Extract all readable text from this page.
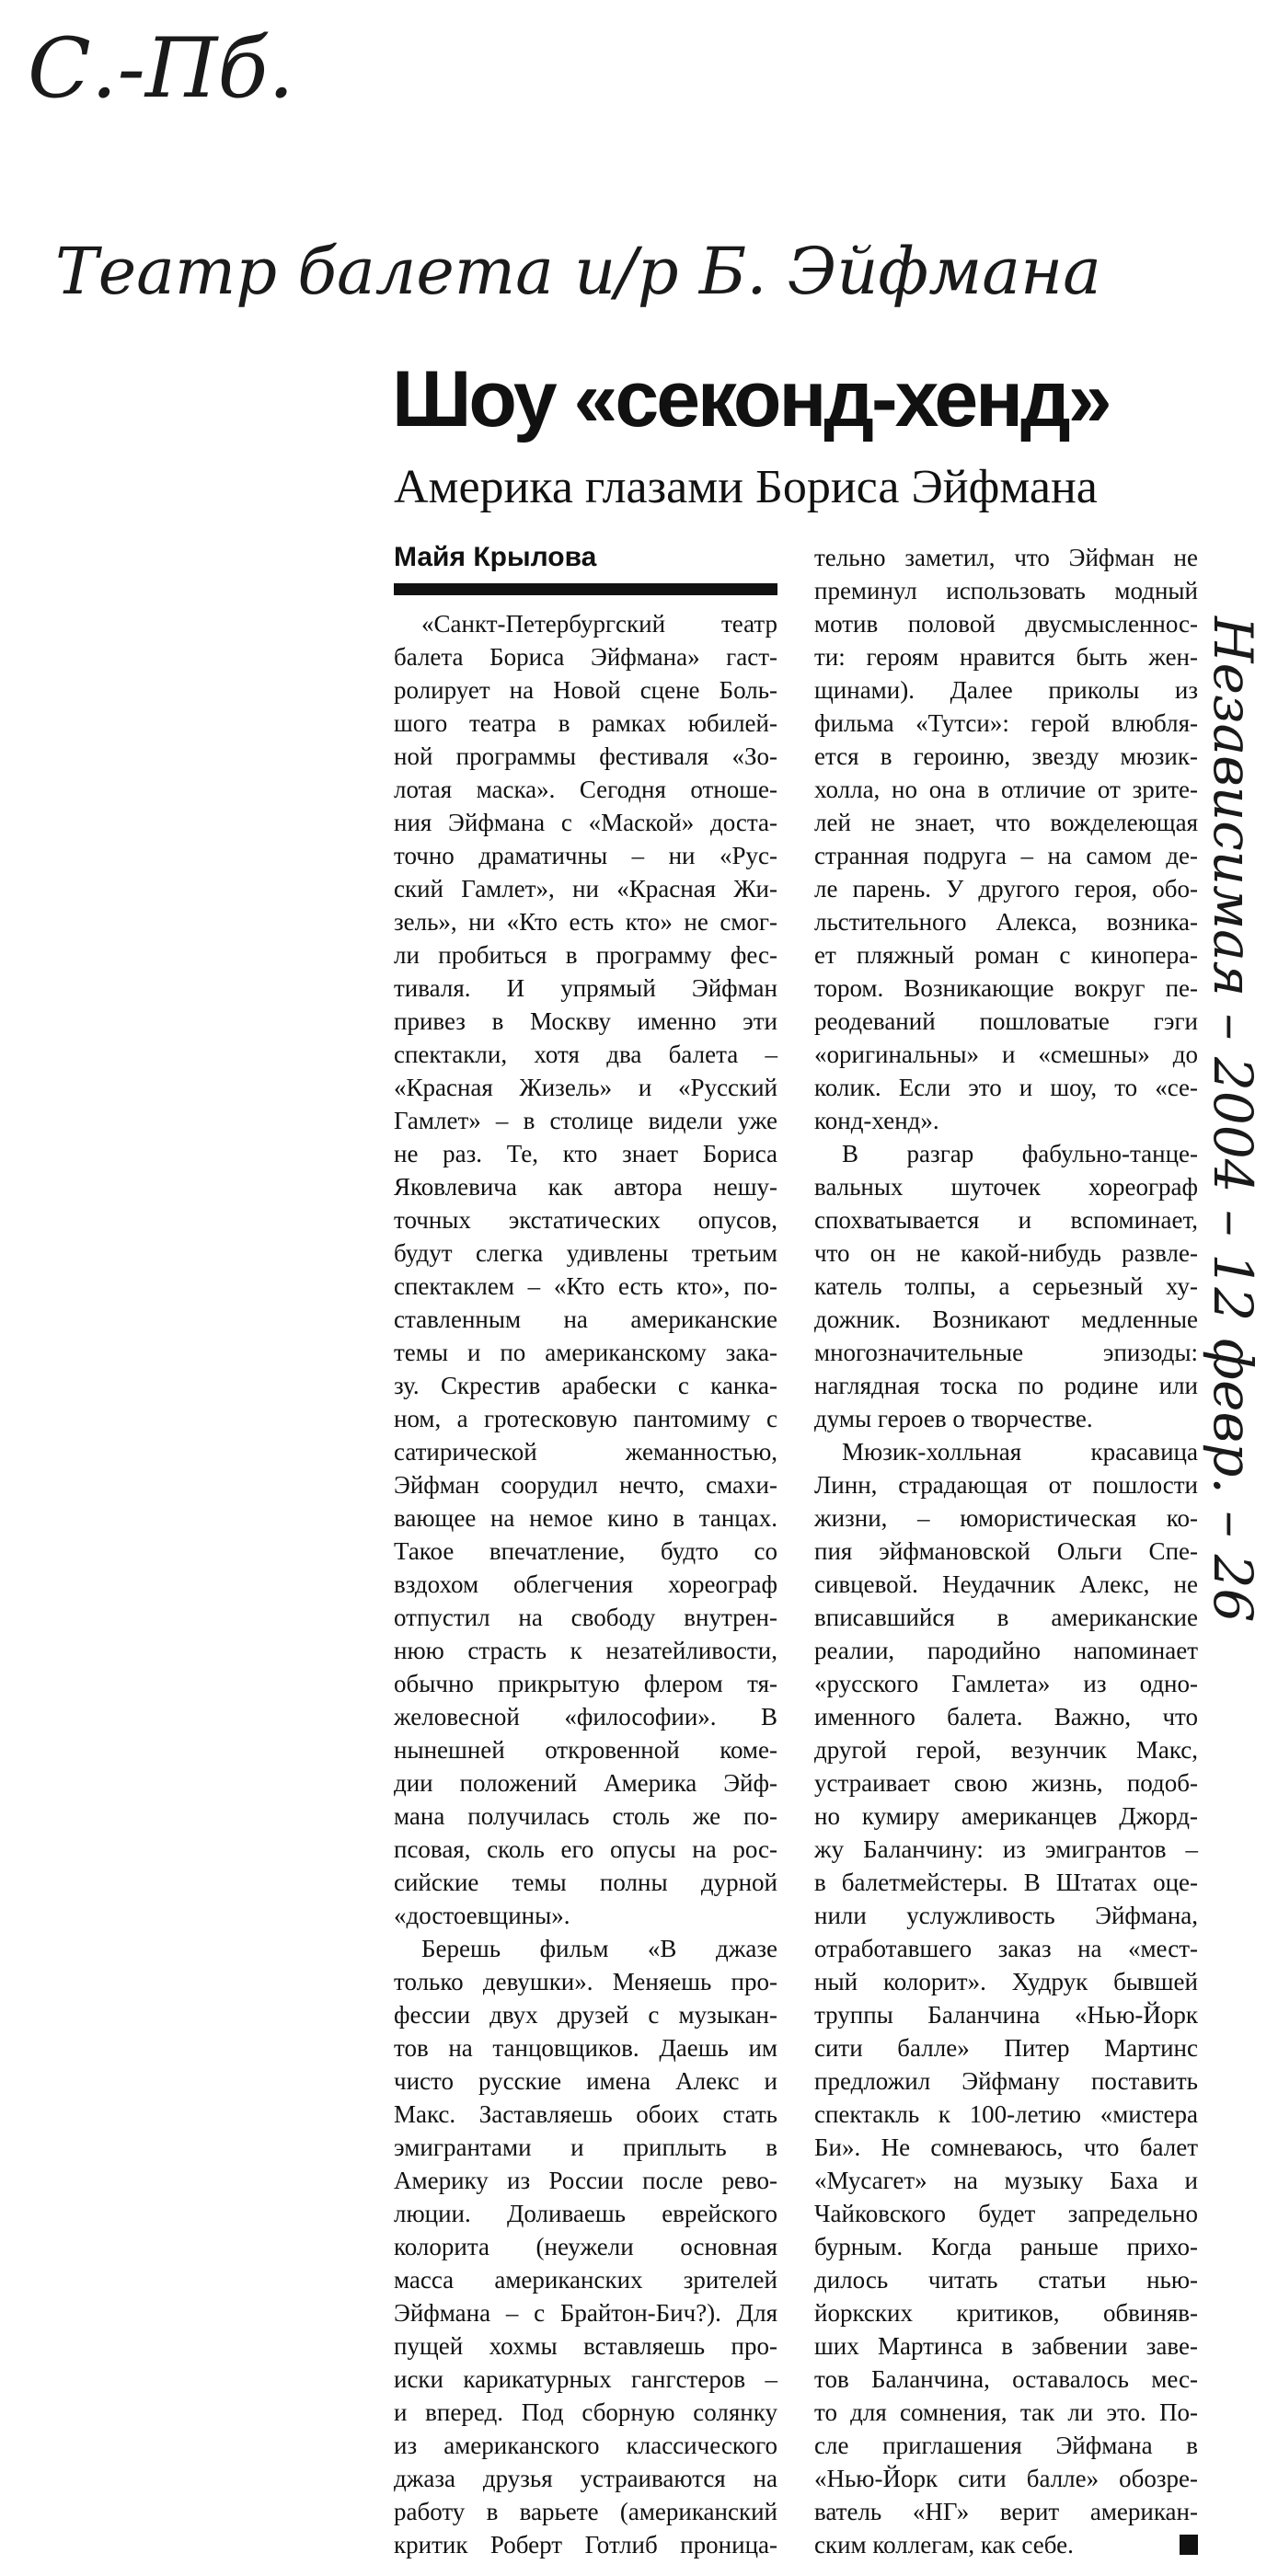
С.-Пб.
Театр балета и/р Б. Эйфмана
Независимая – 2004 – 12 февр. – 26
Шоу «секонд-хенд»
Америка глазами Бориса Эйфмана
Майя Крылова
«Санкт-Петербургский театр
балета Бориса Эйфмана» гаст-
ролирует на Новой сцене Боль-
шого театра в рамках юбилей-
ной программы фестиваля «Зо-
лотая маска». Сегодня отноше-
ния Эйфмана с «Маской» доста-
точно драматичны – ни «Рус-
ский Гамлет», ни «Красная Жи-
зель», ни «Кто есть кто» не смог-
ли пробиться в программу фес-
тиваля. И упрямый Эйфман
привез в Москву именно эти
спектакли, хотя два балета –
«Красная Жизель» и «Русский
Гамлет» – в столице видели уже
не раз. Те, кто знает Бориса
Яковлевича как автора нешу-
точных экстатических опусов,
будут слегка удивлены третьим
спектаклем – «Кто есть кто», по-
ставленным на американские
темы и по американскому зака-
зу. Скрестив арабески с канка-
ном, а гротесковую пантомиму с
сатирической жеманностью,
Эйфман соорудил нечто, смахи-
вающее на немое кино в танцах.
Такое впечатление, будто со
вздохом облегчения хореограф
отпустил на свободу внутрен-
нюю страсть к незатейливости,
обычно прикрытую флером тя-
желовесной «философии». В
нынешней откровенной коме-
дии положений Америка Эйф-
мана получилась столь же по-
псовая, сколь его опусы на рос-
сийские темы полны дурной
«достоевщины».
Берешь фильм «В джазе
только девушки». Меняешь про-
фессии двух друзей с музыкан-
тов на танцовщиков. Даешь им
чисто русские имена Алекс и
Макс. Заставляешь обоих стать
эмигрантами и приплыть в
Америку из России после рево-
люции. Доливаешь еврейского
колорита (неужели основная
масса американских зрителей
Эйфмана – с Брайтон-Бич?). Для
пущей хохмы вставляешь про-
иски карикатурных гангстеров –
и вперед. Под сборную солянку
из американского классического
джаза друзья устраиваются на
работу в варьете (американский
критик Роберт Готлиб проница-
тельно заметил, что Эйфман не
преминул использовать модный
мотив половой двусмысленнос-
ти: героям нравится быть жен-
щинами). Далее приколы из
фильма «Тутси»: герой влюбля-
ется в героиню, звезду мюзик-
холла, но она в отличие от зрите-
лей не знает, что вожделеющая
странная подруга – на самом де-
ле парень. У другого героя, обо-
льстительного Алекса, возника-
ет пляжный роман с кинопера-
тором. Возникающие вокруг пе-
реодеваний пошловатые гэги
«оригинальны» и «смешны» до
колик. Если это и шоу, то «се-
конд-хенд».
В разгар фабульно-танце-
вальных шуточек хореограф
спохватывается и вспоминает,
что он не какой-нибудь развле-
катель толпы, а серьезный ху-
дожник. Возникают медленные
многозначительные эпизоды:
наглядная тоска по родине или
думы героев о творчестве.
Мюзик-холльная красавица
Линн, страдающая от пошлости
жизни, – юмористическая ко-
пия эйфмановской Ольги Спе-
сивцевой. Неудачник Алекс, не
вписавшийся в американские
реалии, пародийно напоминает
«русского Гамлета» из одно-
именного балета. Важно, что
другой герой, везунчик Макс,
устраивает свою жизнь, подоб-
но кумиру американцев Джорд-
жу Баланчину: из эмигрантов –
в балетмейстеры. В Штатах оце-
нили услужливость Эйфмана,
отработавшего заказ на «мест-
ный колорит». Худрук бывшей
труппы Баланчина «Нью-Йорк
сити балле» Питер Мартинс
предложил Эйфману поставить
спектакль к 100-летию «мистера
Би». Не сомневаюсь, что балет
«Мусагет» на музыку Баха и
Чайковского будет запредельно
бурным. Когда раньше прихо-
дилось читать статьи нью-
йоркских критиков, обвиняв-
ших Мартинса в забвении заве-
тов Баланчина, оставалось мес-
то для сомнения, так ли это. По-
сле приглашения Эйфмана в
«Нью-Йорк сити балле» обозре-
ватель «НГ» верит американ-
ским коллегам, как себе.
